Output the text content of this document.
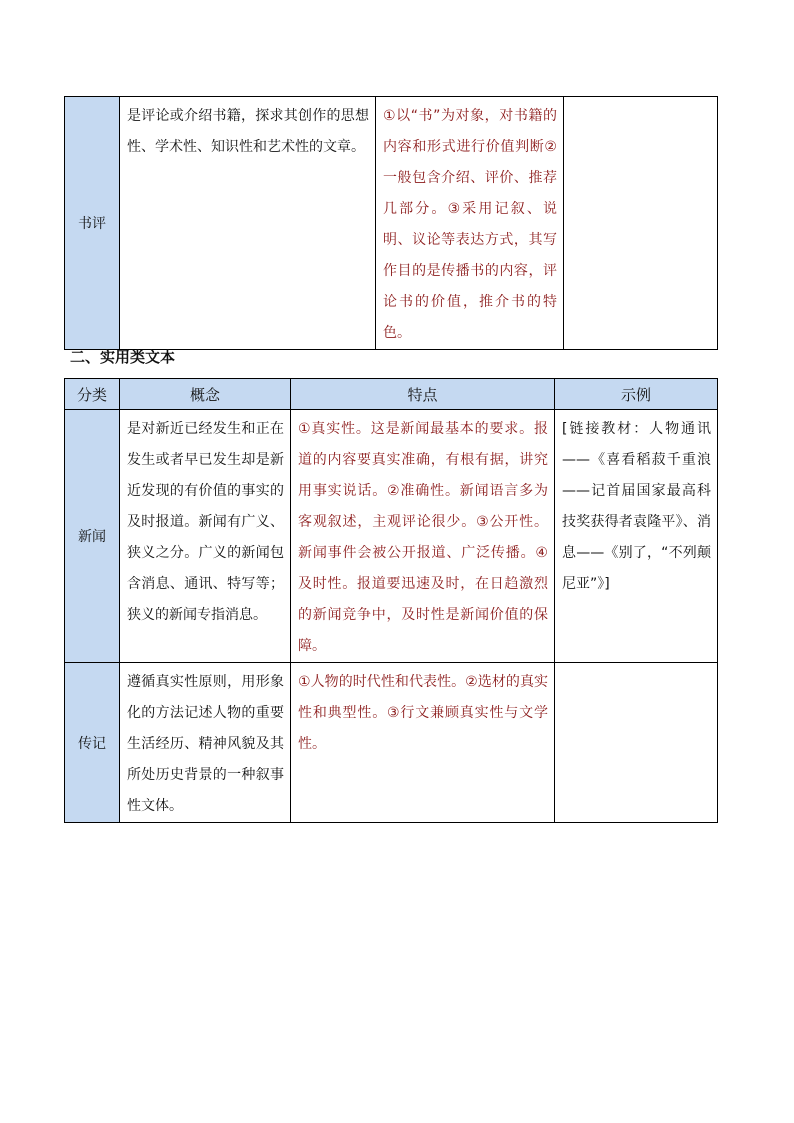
书评	是评论或介绍书籍，探求其创作的思想性、学术性、知识性和艺术性的文章。	①以“书”为对象，对书籍的内容和形式进行价值判断②一般包含介绍、评价、推荐几部分。③采用记叙、说明、议论等表达方式，其写作目的是传播书的内容，评论书的价值，推介书的特色。	
二、实用类文本
分类	概念	特点	示例
新闻	是对新近已经发生和正在发生或者早已发生却是新近发现的有价值的事实的及时报道。新闻有广义、狭义之分。广义的新闻包含消息、通讯、特写等；狭义的新闻专指消息。	①真实性。这是新闻最基本的要求。报道的内容要真实准确，有根有据，讲究用事实说话。②准确性。新闻语言多为客观叙述，主观评论很少。③公开性。新闻事件会被公开报道、广泛传播。④及时性。报道要迅速及时，在日趋激烈的新闻竞争中，及时性是新闻价值的保障。	[链接教材：人物通讯——《喜看稻菽千重浪——记首届国家最高科技奖获得者袁隆平》、消息——《别了，“不列颠尼亚”》]
传记	遵循真实性原则，用形象化的方法记述人物的重要生活经历、精神风貌及其所处历史背景的一种叙事性文体。	①人物的时代性和代表性。②选材的真实性和典型性。③行文兼顾真实性与文学性。	
